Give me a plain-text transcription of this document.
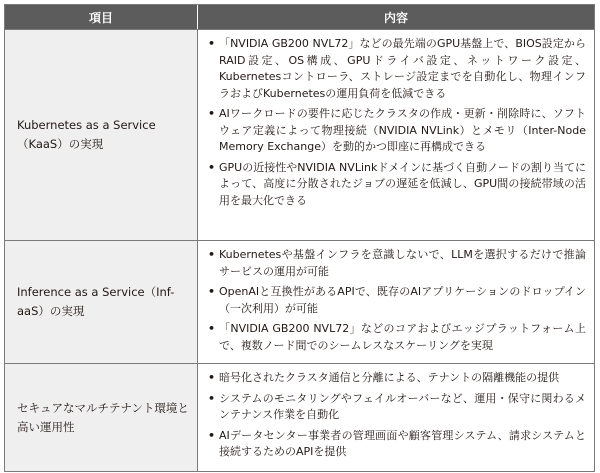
項目	内容
Kubernetes as a Service（KaaS）の実現
• 「NVIDIA GB200 NVL72」などの最先端のGPU基盤上で、BIOS設定からRAID設定、OS構成、GPUドライバ設定、ネットワーク設定、Kubernetesコントローラ、ストレージ設定までを自動化し、物理インフラおよびKubernetesの運用負荷を低減できる
• AIワークロードの要件に応じたクラスタの作成・更新・削除時に、ソフトウェア定義によって物理接続（NVIDIA NVLink）とメモリ（Inter-Node Memory Exchange）を動的かつ即座に再構成できる
• GPUの近接性やNVIDIA NVLinkドメインに基づく自動ノードの割り当てによって、高度に分散されたジョブの遅延を低減し、GPU間の接続帯域の活用を最大化できる
Inference as a Service（Inf-aaS）の実現
• Kubernetesや基盤インフラを意識しないで、LLMを選択するだけで推論サービスの運用が可能
• OpenAIと互換性があるAPIで、既存のAIアプリケーションのドロップイン（一次利用）が可能
• 「NVIDIA GB200 NVL72」などのコアおよびエッジプラットフォーム上で、複数ノード間でのシームレスなスケーリングを実現
セキュアなマルチテナント環境と高い運用性
• 暗号化されたクラスタ通信と分離による、テナントの隔離機能の提供
• システムのモニタリングやフェイルオーバーなど、運用・保守に関わるメンテナンス作業を自動化
• AIデータセンター事業者の管理画面や顧客管理システム、請求システムと接続するためのAPIを提供
